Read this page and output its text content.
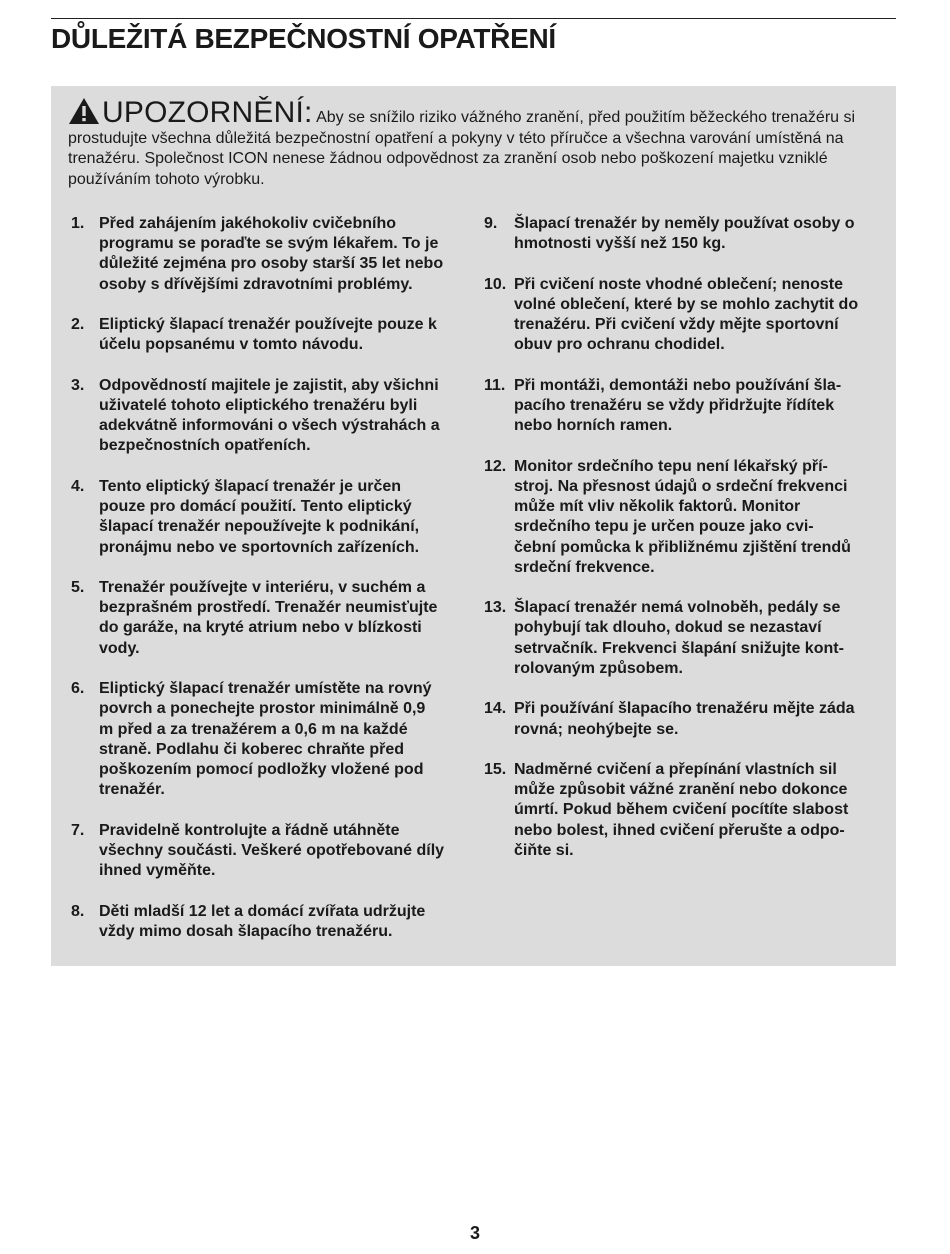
DŮLEŽITÁ BEZPEČNOSTNÍ OPATŘENÍ

UPOZORNĚNÍ: Aby se snížilo riziko vážného zranění, před použitím běžeckého trenažéru si prostudujte všechna důležitá bezpečnostní opatření a pokyny v této příručce a všechna varování umístěná na trenažéru. Společnost ICON nenese žádnou odpovědnost za zranění osob nebo poškození majetku vzniklé používáním tohoto výrobku.

1. Před zahájením jakéhokoliv cvičebního
programu se poraďte se svým lékařem. To je
důležité zejména pro osoby starší 35 let nebo
osoby s dřívějšími zdravotními problémy.
2. Eliptický šlapací trenažér používejte pouze k
účelu popsanému v tomto návodu.
3. Odpovědností majitele je zajistit, aby všichni
uživatelé tohoto eliptického trenažéru byli
adekvátně informováni o všech výstrahách a
bezpečnostních opatřeních.
4. Tento eliptický šlapací trenažér je určen
pouze pro domácí použití. Tento eliptický
šlapací trenažér nepoužívejte k podnikání,
pronájmu nebo ve sportovních zařízeních.
5. Trenažér používejte v interiéru, v suchém a
bezprašném prostředí. Trenažér neumisťujte
do garáže, na kryté atrium nebo v blízkosti
vody.
6. Eliptický šlapací trenažér umístěte na rovný
povrch a ponechejte prostor minimálně 0,9
m před a za trenažérem a 0,6 m na každé
straně. Podlahu či koberec chraňte před
poškozením pomocí podložky vložené pod
trenažér.
7. Pravidelně kontrolujte a řádně utáhněte
všechny součásti. Veškeré opotřebované díly
ihned vyměňte.
8. Děti mladší 12 let a domácí zvířata udržujte
vždy mimo dosah šlapacího trenažéru.
9. Šlapací trenažér by neměly používat osoby o
hmotnosti vyšší než 150 kg.
10. Při cvičení noste vhodné oblečení; nenoste
volné oblečení, které by se mohlo zachytit do
trenažéru. Při cvičení vždy mějte sportovní
obuv pro ochranu chodidel.
11. Při montáži, demontáži nebo používání šla-
pacího trenažéru se vždy přidržujte řídítek
nebo horních ramen.
12. Monitor srdečního tepu není lékařský pří-
stroj. Na přesnost údajů o srdeční frekvenci
může mít vliv několik faktorů. Monitor
srdečního tepu je určen pouze jako cvi-
čební pomůcka k přibližnému zjištění trendů
srdeční frekvence.
13. Šlapací trenažér nemá volnoběh, pedály se
pohybují tak dlouho, dokud se nezastaví
setrvačník. Frekvenci šlapání snižujte kont-
rolovaným způsobem.
14. Při používání šlapacího trenažéru mějte záda
rovná; neohýbejte se.
15. Nadměrné cvičení a přepínání vlastních sil
může způsobit vážné zranění nebo dokonce
úmrtí. Pokud během cvičení pocítíte slabost
nebo bolest, ihned cvičení přerušte a odpo-
čiňte si.
3
